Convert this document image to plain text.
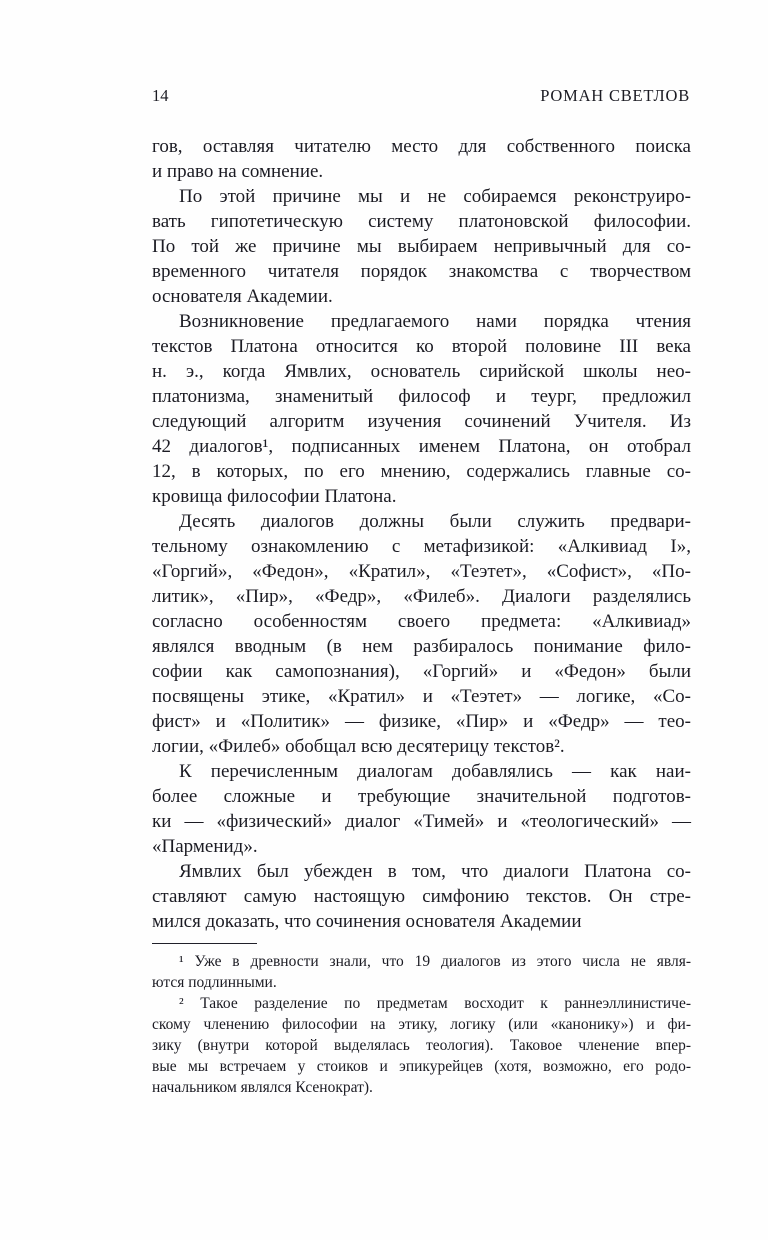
14	РОМАН СВЕТЛОВ
гов, оставляя читателю место для собственного поиска
и право на сомнение.
По этой причине мы и не собираемся реконструиро-
вать гипотетическую систему платоновской философии.
По той же причине мы выбираем непривычный для со-
временного читателя порядок знакомства с творчеством
основателя Академии.
Возникновение предлагаемого нами порядка чтения
текстов Платона относится ко второй половине III века
н. э., когда Ямвлих, основатель сирийской школы нео-
платонизма, знаменитый философ и теург, предложил
следующий алгоритм изучения сочинений Учителя. Из
42 диалогов¹, подписанных именем Платона, он отобрал
12, в которых, по его мнению, содержались главные со-
кровища философии Платона.
Десять диалогов должны были служить предвари-
тельному ознакомлению с метафизикой: «Алкивиад I»,
«Горгий», «Федон», «Кратил», «Теэтет», «Софист», «По-
литик», «Пир», «Федр», «Филеб». Диалоги разделялись
согласно особенностям своего предмета: «Алкивиад»
являлся вводным (в нем разбиралось понимание фило-
софии как самопознания), «Горгий» и «Федон» были
посвящены этике, «Кратил» и «Теэтет» — логике, «Со-
фист» и «Политик» — физике, «Пир» и «Федр» — тео-
логии, «Филеб» обобщал всю десятерицу текстов².
К перечисленным диалогам добавлялись — как наи-
более сложные и требующие значительной подготов-
ки — «физический» диалог «Тимей» и «теологический» —
«Парменид».
Ямвлих был убежден в том, что диалоги Платона со-
ставляют самую настоящую симфонию текстов. Он стре-
мился доказать, что сочинения основателя Академии
¹ Уже в древности знали, что 19 диалогов из этого числа не явля-
ются подлинными.
² Такое разделение по предметам восходит к раннеэллинистиче-
скому членению философии на этику, логику (или «канонику») и фи-
зику (внутри которой выделялась теология). Таковое членение впер-
вые мы встречаем у стоиков и эпикурейцев (хотя, возможно, его родо-
начальником являлся Ксенократ).
